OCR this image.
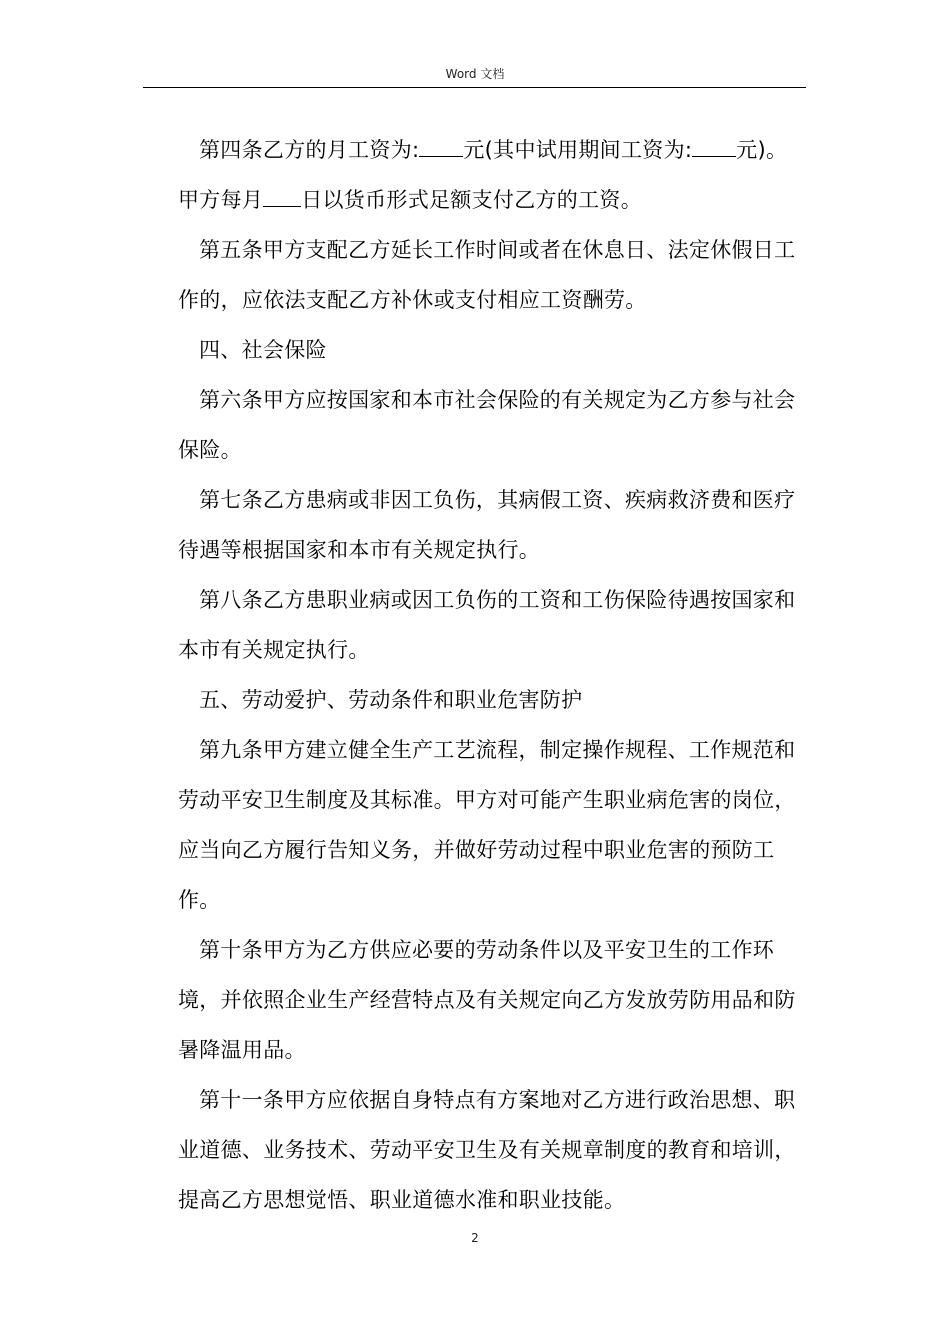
Word 文档

第四条乙方的月工资为: 元(其中试用期间工资为: 元)。

甲方每月 日以货币形式足额支付乙方的工资。

第五条甲方支配乙方延长工作时间或者在休息日、法定休假日工作的，应依法支配乙方补休或支付相应工资酬劳。

四、社会保险

第六条甲方应按国家和本市社会保险的有关规定为乙方参与社会保险。

第七条乙方患病或非因工负伤，其病假工资、疾病救济费和医疗待遇等根据国家和本市有关规定执行。

第八条乙方患职业病或因工负伤的工资和工伤保险待遇按国家和本市有关规定执行。

五、劳动爱护、劳动条件和职业危害防护

第九条甲方建立健全生产工艺流程，制定操作规程、工作规范和劳动平安卫生制度及其标准。甲方对可能产生职业病危害的岗位，应当向乙方履行告知义务，并做好劳动过程中职业危害的预防工作。

第十条甲方为乙方供应必要的劳动条件以及平安卫生的工作环境，并依照企业生产经营特点及有关规定向乙方发放劳防用品和防暑降温用品。

第十一条甲方应依据自身特点有方案地对乙方进行政治思想、职业道德、业务技术、劳动平安卫生及有关规章制度的教育和培训，提高乙方思想觉悟、职业道德水准和职业技能。

2
